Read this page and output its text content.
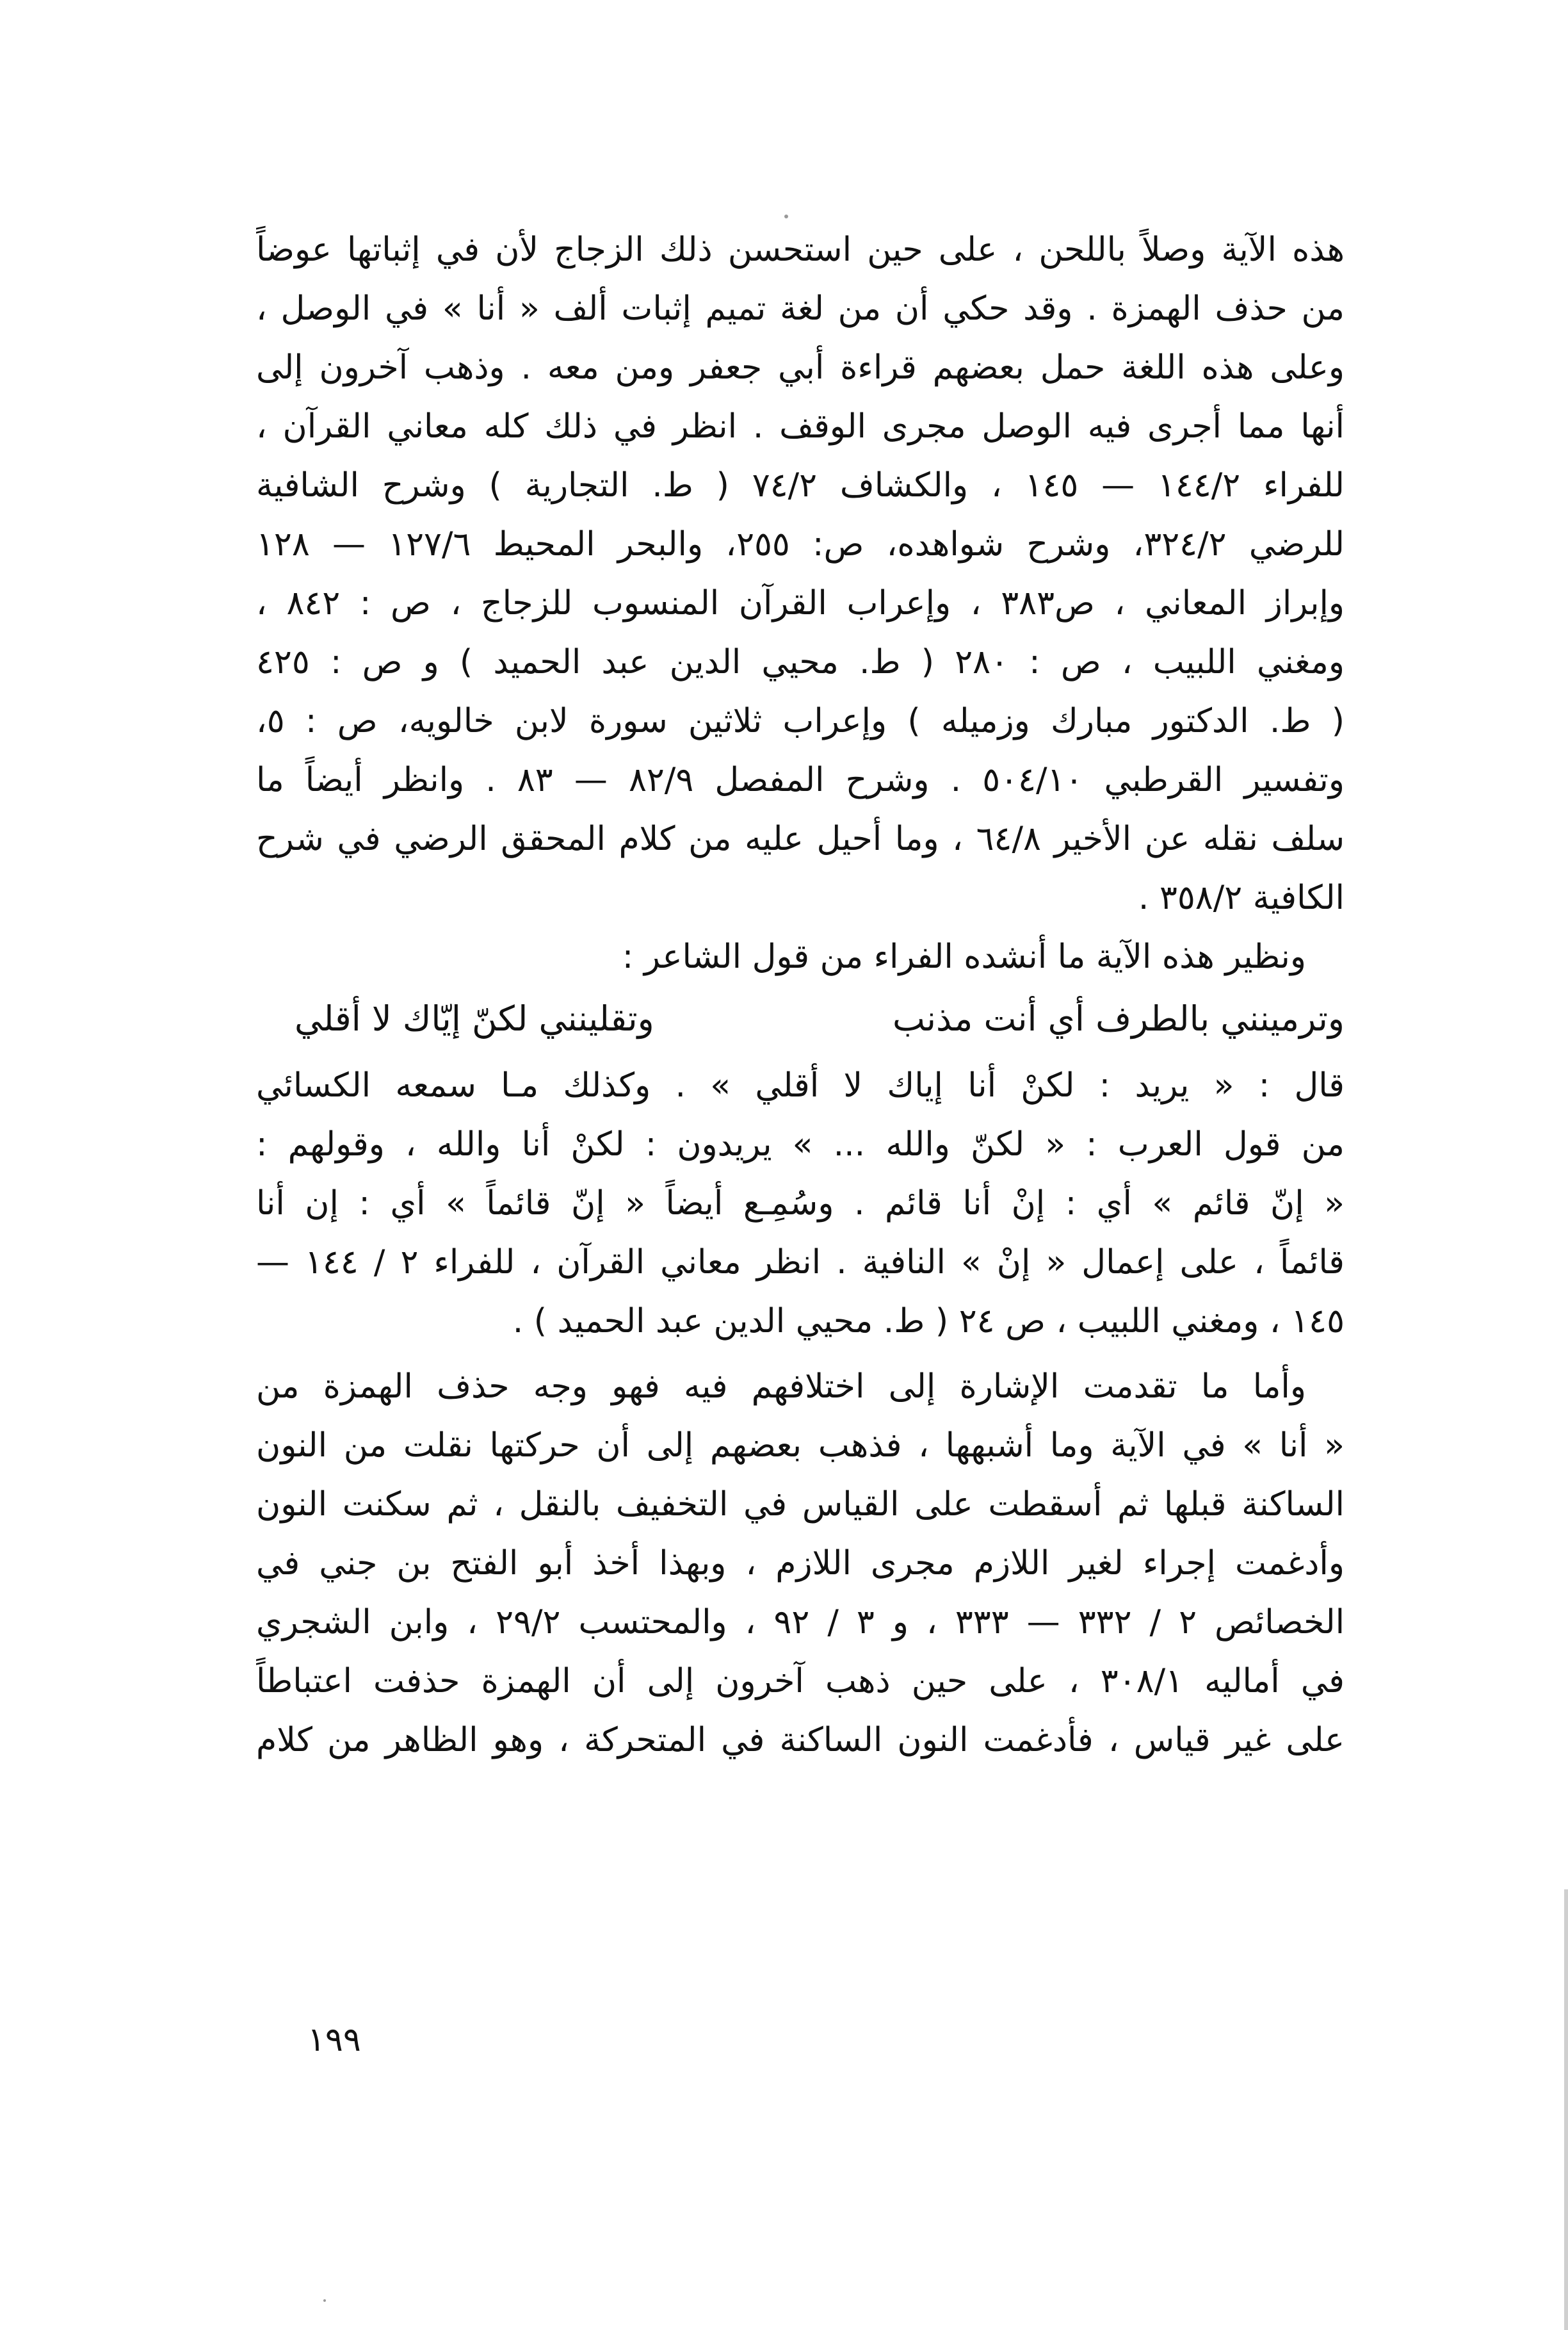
هذه الآية وصلاً باللحن ، على حين استحسن ذلك الزجاج لأن في إثباتها عوضاً
من حذف الهمزة . وقد حكي أن من لغة تميم إثبات ألف « أنا » في الوصل ،
وعلى هذه اللغة حمل بعضهم قراءة أبي جعفر ومن معه . وذهب آخرون إلى
أنها مما أجرى فيه الوصل مجرى الوقف . انظر في ذلك كله معاني القرآن ،
للفراء ١٤٤/٢ — ١٤٥ ، والكشاف ٧٤/٢ ( ط. التجارية ) وشرح الشافية
للرضي ٣٢٤/٢، وشرح شواهده، ص: ٢٥٥، والبحر المحيط ١٢٧/٦ — ١٢٨
وإبراز المعاني ، ص٣٨٣ ، وإعراب القرآن المنسوب للزجاج ، ص : ٨٤٢ ،
ومغني اللبيب ، ص : ٢٨٠ ( ط. محيي الدين عبد الحميد ) و ص : ٤٢٥
( ط. الدكتور مبارك وزميله ) وإعراب ثلاثين سورة لابن خالويه، ص : ٥،
وتفسير القرطبي ٥٠٤/١٠ . وشرح المفصل ٨٢/٩ — ٨٣ . وانظر أيضاً ما
سلف نقله عن الأخير ٦٤/٨ ، وما أحيل عليه من كلام المحقق الرضي في شرح
الكافية ٣٥٨/٢ .
ونظير هذه الآية ما أنشده الفراء من قول الشاعر :
وترمينني بالطرف أي أنت مذنب
وتقلينني لكنّ إيّاك لا أقلي
قال : « يريد : لكنْ أنا إياك لا أقلي » . وكذلك مـا سمعه الكسائي
من قول العرب : « لكنّ والله ... » يريدون : لكنْ أنا والله ، وقولهم :
« إنّ قائم » أي : إنْ أنا قائم . وسُمِـع أيضاً « إنّ قائماً » أي : إن أنا
قائماً ، على إعمال « إنْ » النافية . انظر معاني القرآن ، للفراء ٢ / ١٤٤ —
١٤٥ ، ومغني اللبيب ، ص ٢٤ ( ط. محيي الدين عبد الحميد ) .
وأما ما تقدمت الإشارة إلى اختلافهم فيه فهو وجه حذف الهمزة من
« أنا » في الآية وما أشبهها ، فذهب بعضهم إلى أن حركتها نقلت من النون
الساكنة قبلها ثم أسقطت على القياس في التخفيف بالنقل ، ثم سكنت النون
وأدغمت إجراء لغير اللازم مجرى اللازم ، وبهذا أخذ أبو الفتح بن جني في
الخصائص ٢ / ٣٣٢ — ٣٣٣ ، و ٣ / ٩٢ ، والمحتسب ٢٩/٢ ، وابن الشجري
في أماليه ٣٠٨/١ ، على حين ذهب آخرون إلى أن الهمزة حذفت اعتباطاً
على غير قياس ، فأدغمت النون الساكنة في المتحركة ، وهو الظاهر من كلام
١٩٩
